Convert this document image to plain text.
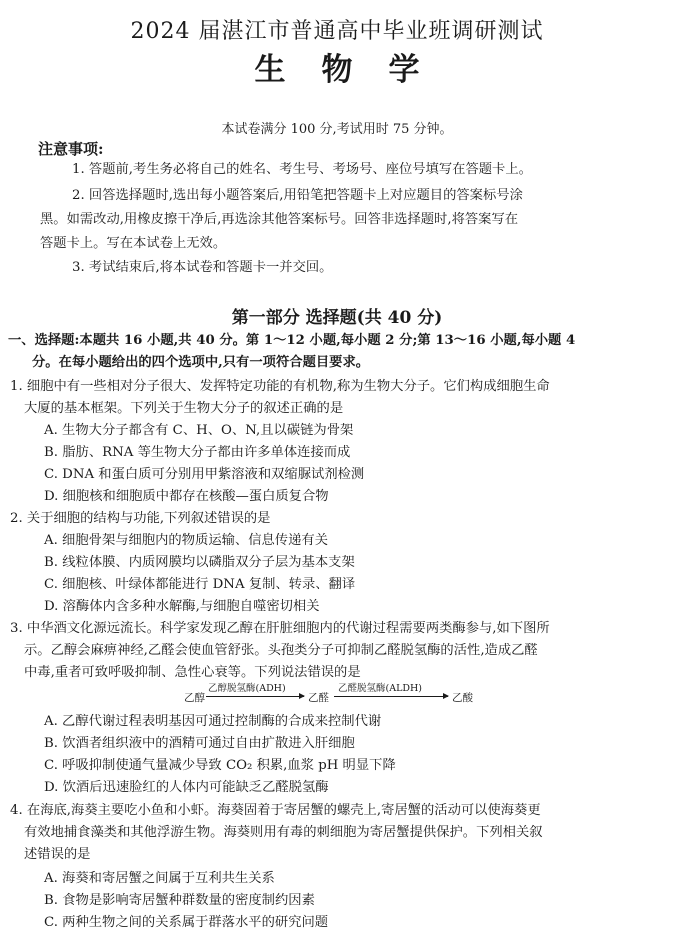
2024 届湛江市普通高中毕业班调研测试
生物学
本试卷满分 100 分,考试用时 75 分钟。
注意事项:
1. 答题前,考生务必将自己的姓名、考生号、考场号、座位号填写在答题卡上。
2. 回答选择题时,选出每小题答案后,用铅笔把答题卡上对应题目的答案标号涂
黑。如需改动,用橡皮擦干净后,再选涂其他答案标号。回答非选择题时,将答案写在
答题卡上。写在本试卷上无效。
3. 考试结束后,将本试卷和答题卡一并交回。
第一部分 选择题(共 40 分)
一、选择题:本题共 16 小题,共 40 分。第 1～12 小题,每小题 2 分;第 13～16 小题,每小题 4
分。在每小题给出的四个选项中,只有一项符合题目要求。
1. 细胞中有一些相对分子很大、发挥特定功能的有机物,称为生物大分子。它们构成细胞生命
大厦的基本框架。下列关于生物大分子的叙述正确的是
A. 生物大分子都含有 C、H、O、N,且以碳链为骨架
B. 脂肪、RNA 等生物大分子都由许多单体连接而成
C. DNA 和蛋白质可分别用甲紫溶液和双缩脲试剂检测
D. 细胞核和细胞质中都存在核酸—蛋白质复合物
2. 关于细胞的结构与功能,下列叙述错误的是
A. 细胞骨架与细胞内的物质运输、信息传递有关
B. 线粒体膜、内质网膜均以磷脂双分子层为基本支架
C. 细胞核、叶绿体都能进行 DNA 复制、转录、翻译
D. 溶酶体内含多种水解酶,与细胞自噬密切相关
3. 中华酒文化源远流长。科学家发现乙醇在肝脏细胞内的代谢过程需要两类酶参与,如下图所
示。乙醇会麻痹神经,乙醛会使血管舒张。头孢类分子可抑制乙醛脱氢酶的活性,造成乙醛
中毒,重者可致呼吸抑制、急性心衰等。下列说法错误的是
乙醇
乙醇脱氢酶(ADH)
乙醛
乙醛脱氢酶(ALDH)
乙酸
A. 乙醇代谢过程表明基因可通过控制酶的合成来控制代谢
B. 饮酒者组织液中的酒精可通过自由扩散进入肝细胞
C. 呼吸抑制使通气量减少导致 CO₂ 积累,血浆 pH 明显下降
D. 饮酒后迅速脸红的人体内可能缺乏乙醛脱氢酶
4. 在海底,海葵主要吃小鱼和小虾。海葵固着于寄居蟹的螺壳上,寄居蟹的活动可以使海葵更
有效地捕食藻类和其他浮游生物。海葵则用有毒的刺细胞为寄居蟹提供保护。下列相关叙
述错误的是
A. 海葵和寄居蟹之间属于互利共生关系
B. 食物是影响寄居蟹种群数量的密度制约因素
C. 两种生物之间的关系属于群落水平的研究问题
